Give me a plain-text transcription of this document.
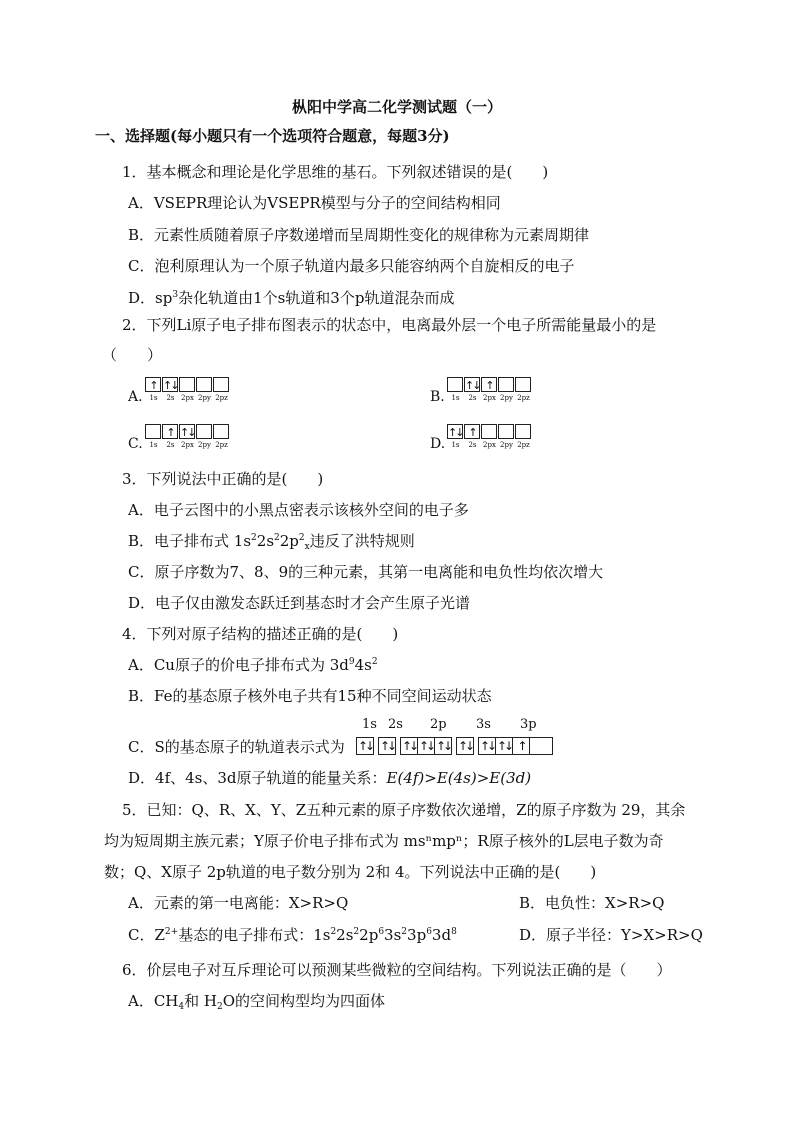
枞阳中学高二化学测试题（一）
一、选择题(每小题只有一个选项符合题意，每题3分)
1．基本概念和理论是化学思维的基石。下列叙述错误的是(　　)
A．VSEPR理论认为VSEPR模型与分子的空间结构相同
B．元素性质随着原子序数递增而呈周期性变化的规律称为元素周期律
C．泡利原理认为一个原子轨道内最多只能容纳两个自旋相反的电子
D．$sp^3$杂化轨道由1个s轨道和3个p轨道混杂而成
2．下列Li原子电子排布图表示的状态中，电离最外层一个电子所需能量最小的是
（　　）
A.
↑ ↑↓
1s	2s 2px 2py 2pz	B.
↑↓ ↑
1s	2s 2px 2py 2pz
C.
↑ ↑↓
1s	2s 2px 2py 2pz	D.
↑↓ ↑
1s	2s 2px 2py 2pz
3．下列说法中正确的是(　　)
A．电子云图中的小黑点密表示该核外空间的电子多
B．电子排布式 $1s^22s^22p^2_x$违反了洪特规则
C．原子序数为7、8、9的三种元素，其第一电离能和电负性均依次增大
D．电子仅由激发态跃迁到基态时才会产生原子光谱
4．下列对原子结构的描述正确的是(　　)
A．Cu原子的价电子排布式为 $3d^94s^2$
B．Fe的基态原子核外电子共有15种不同空间运动状态
C．S的基态原子的轨道表示式为
1s 2s 2p 3s 3p
↑↓ ↑↓ ↑↓ ↑↓ ↑↓ ↑↓ ↑↓ ↑↓ ↑
D．4f、4s、3d原子轨道的能量关系：E(4f)>E(4s)>E(3d)
5．已知：Q、R、X、Y、Z五种元素的原子序数依次递增，Z的原子序数为 29，其余
均为短周期主族元素；Y原子价电子排布式为 msⁿmpⁿ；R原子核外的L层电子数为奇
数；Q、X原子 2p轨道的电子数分别为 2和 4。下列说法中正确的是(　　)
A．元素的第一电离能：X>R>Q	B．电负性：X>R>Q
C．$Z^{2+}$基态的电子排布式：$1s^22s^22p^63s^23p^63d^8$	D．原子半径：Y>X>R>Q
6．价层电子对互斥理论可以预测某些微粒的空间结构。下列说法正确的是（　　）
A．$CH_4$和 $H_2O$的空间构型均为四面体
